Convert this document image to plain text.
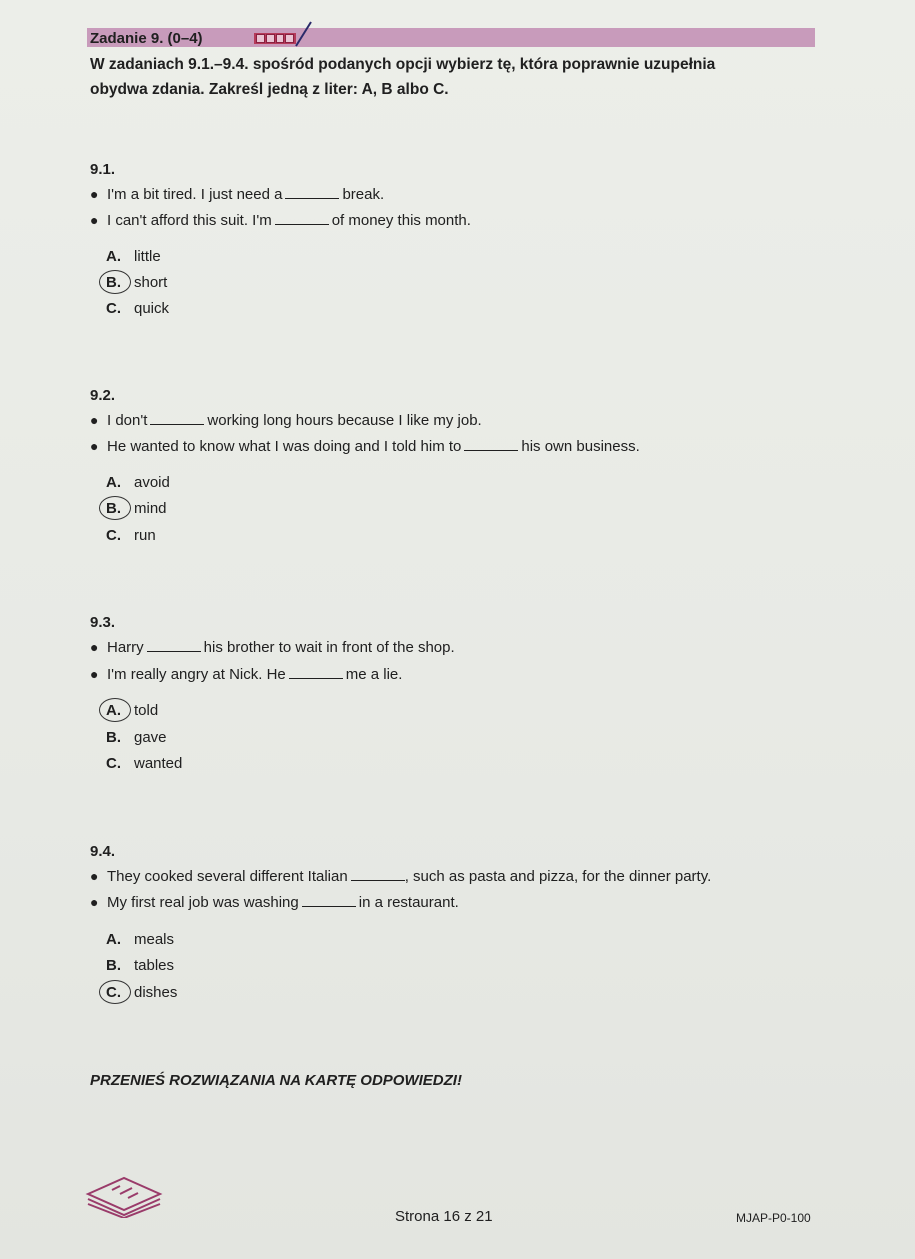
Zadanie 9. (0–4)
W zadaniach 9.1.–9.4. spośród podanych opcji wybierz tę, która poprawnie uzupełnia
obydwa zdania. Zakreśl jedną z liter: A, B albo C.
9.1.
● I'm a bit tired. I just need a	break.
● I can't afford this suit. I'm	of money this month.
A. little
B. short
C. quick
9.2.
● I don't	working long hours because I like my job.
● He wanted to know what I was doing and I told him to	his own business.
A. avoid
B. mind
C. run
9.3.
● Harry	his brother to wait in front of the shop.
● I'm really angry at Nick. He	me a lie.
A. told
B. gave
C. wanted
9.4.
● They cooked several different Italian	, such as pasta and pizza, for the dinner party.
● My first real job was washing	in a restaurant.
A. meals
B. tables
C. dishes
PRZENIEŚ ROZWIĄZANIA NA KARTĘ ODPOWIEDZI!
Strona 16 z 21	MJAP-P0-100
